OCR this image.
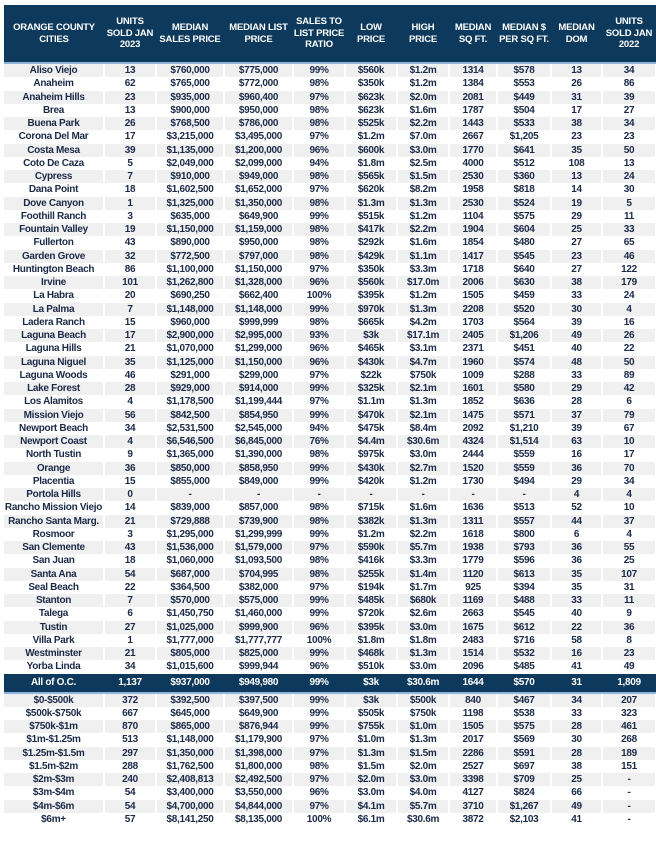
ORANGE COUNTY CITIES	UNITS SOLD JAN 2023	MEDIAN SALES PRICE	MEDIAN LIST PRICE	SALES TO LIST PRICE RATIO	LOW PRICE	HIGH PRICE	MEDIAN SQ FT.	MEDIAN $ PER SQ FT.	MEDIAN DOM	UNITS SOLD JAN 2022
Aliso Viejo	13	$760,000	$775,000	99%	$560k	$1.2m	1314	$578	13	34
Anaheim	62	$765,000	$772,000	98%	$350k	$1.2m	1384	$553	26	86
Anaheim Hills	23	$935,000	$960,400	97%	$623k	$2.0m	2081	$449	31	39
Brea	13	$900,000	$950,000	98%	$623k	$1.6m	1787	$504	17	27
Buena Park	26	$768,500	$786,000	98%	$525k	$2.2m	1443	$533	38	34
Corona Del Mar	17	$3,215,000	$3,495,000	97%	$1.2m	$7.0m	2667	$1,205	23	23
Costa Mesa	39	$1,135,000	$1,200,000	96%	$600k	$3.0m	1770	$641	35	50
Coto De Caza	5	$2,049,000	$2,099,000	94%	$1.8m	$2.5m	4000	$512	108	13
Cypress	7	$910,000	$949,000	98%	$565k	$1.5m	2530	$360	13	24
Dana Point	18	$1,602,500	$1,652,000	97%	$620k	$8.2m	1958	$818	14	30
Dove Canyon	1	$1,325,000	$1,350,000	98%	$1.3m	$1.3m	2530	$524	19	5
Foothill Ranch	3	$635,000	$649,900	99%	$515k	$1.2m	1104	$575	29	11
Fountain Valley	19	$1,150,000	$1,159,000	98%	$417k	$2.2m	1904	$604	25	33
Fullerton	43	$890,000	$950,000	98%	$292k	$1.6m	1854	$480	27	65
Garden Grove	32	$772,500	$797,000	98%	$429k	$1.1m	1417	$545	23	46
Huntington Beach	86	$1,100,000	$1,150,000	97%	$350k	$3.3m	1718	$640	27	122
Irvine	101	$1,262,800	$1,328,000	96%	$560k	$17.0m	2006	$630	38	179
La Habra	20	$690,250	$662,400	100%	$395k	$1.2m	1505	$459	33	24
La Palma	7	$1,148,000	$1,148,000	99%	$970k	$1.3m	2208	$520	30	4
Ladera Ranch	15	$960,000	$999,999	98%	$665k	$4.2m	1703	$564	39	16
Laguna Beach	17	$2,900,000	$2,995,000	93%	$3k	$17.1m	2405	$1,206	49	26
Laguna Hills	21	$1,070,000	$1,299,000	96%	$465k	$3.1m	2371	$451	40	22
Laguna Niguel	35	$1,125,000	$1,150,000	96%	$430k	$4.7m	1960	$574	48	50
Laguna Woods	46	$291,000	$299,000	97%	$22k	$750k	1009	$288	33	89
Lake Forest	28	$929,000	$914,000	99%	$325k	$2.1m	1601	$580	29	42
Los Alamitos	4	$1,178,500	$1,199,444	97%	$1.1m	$1.3m	1852	$636	28	6
Mission Viejo	56	$842,500	$854,950	99%	$470k	$2.1m	1475	$571	37	79
Newport Beach	34	$2,531,500	$2,545,000	94%	$475k	$8.4m	2092	$1,210	39	67
Newport Coast	4	$6,546,500	$6,845,000	76%	$4.4m	$30.6m	4324	$1,514	63	10
North Tustin	9	$1,365,000	$1,390,000	98%	$975k	$3.0m	2444	$559	16	17
Orange	36	$850,000	$858,950	99%	$430k	$2.7m	1520	$559	36	70
Placentia	15	$855,000	$849,000	99%	$420k	$1.2m	1730	$494	29	34
Portola Hills	0	-	-	-	-	-	-	-	4	4
Rancho Mission Viejo	14	$839,000	$857,000	98%	$715k	$1.6m	1636	$513	52	10
Rancho Santa Marg.	21	$729,888	$739,900	98%	$382k	$1.3m	1311	$557	44	37
Rosmoor	3	$1,295,000	$1,299,999	99%	$1.2m	$2.2m	1618	$800	6	4
San Clemente	43	$1,536,000	$1,579,000	97%	$590k	$5.7m	1938	$793	36	55
San Juan	18	$1,060,000	$1,093,500	98%	$416k	$3.3m	1779	$596	36	25
Santa Ana	54	$687,000	$704,995	98%	$255k	$1.4m	1120	$613	35	107
Seal Beach	22	$364,500	$382,000	97%	$194k	$1.7m	925	$394	35	31
Stanton	7	$570,000	$575,000	99%	$485k	$680k	1169	$488	33	11
Talega	6	$1,450,750	$1,460,000	99%	$720k	$2.6m	2663	$545	40	9
Tustin	27	$1,025,000	$999,900	96%	$395k	$3.0m	1675	$612	22	36
Villa Park	1	$1,777,000	$1,777,777	100%	$1.8m	$1.8m	2483	$716	58	8
Westminster	21	$805,000	$825,000	99%	$468k	$1.3m	1514	$532	16	23
Yorba Linda	34	$1,015,600	$999,944	96%	$510k	$3.0m	2096	$485	41	49
All of O.C.	1,137	$937,000	$949,980	99%	$3k	$30.6m	1644	$570	31	1,809
$0-$500k	372	$392,500	$397,500	99%	$3k	$500k	840	$467	34	207
$500k-$750k	667	$645,000	$649,900	99%	$505k	$750k	1198	$538	33	323
$750k-$1m	870	$865,000	$876,944	99%	$755k	$1.0m	1505	$575	28	461
$1m-$1.25m	513	$1,148,000	$1,179,900	97%	$1.0m	$1.3m	2017	$569	30	268
$1.25m-$1.5m	297	$1,350,000	$1,398,000	97%	$1.3m	$1.5m	2286	$591	28	189
$1.5m-$2m	288	$1,762,500	$1,800,000	98%	$1.5m	$2.0m	2527	$697	38	151
$2m-$3m	240	$2,408,813	$2,492,500	97%	$2.0m	$3.0m	3398	$709	25	-
$3m-$4m	54	$3,400,000	$3,550,000	96%	$3.0m	$4.0m	4127	$824	66	-
$4m-$6m	54	$4,700,000	$4,844,000	97%	$4.1m	$5.7m	3710	$1,267	49	-
$6m+	57	$8,141,250	$8,135,000	100%	$6.1m	$30.6m	3872	$2,103	41	-
